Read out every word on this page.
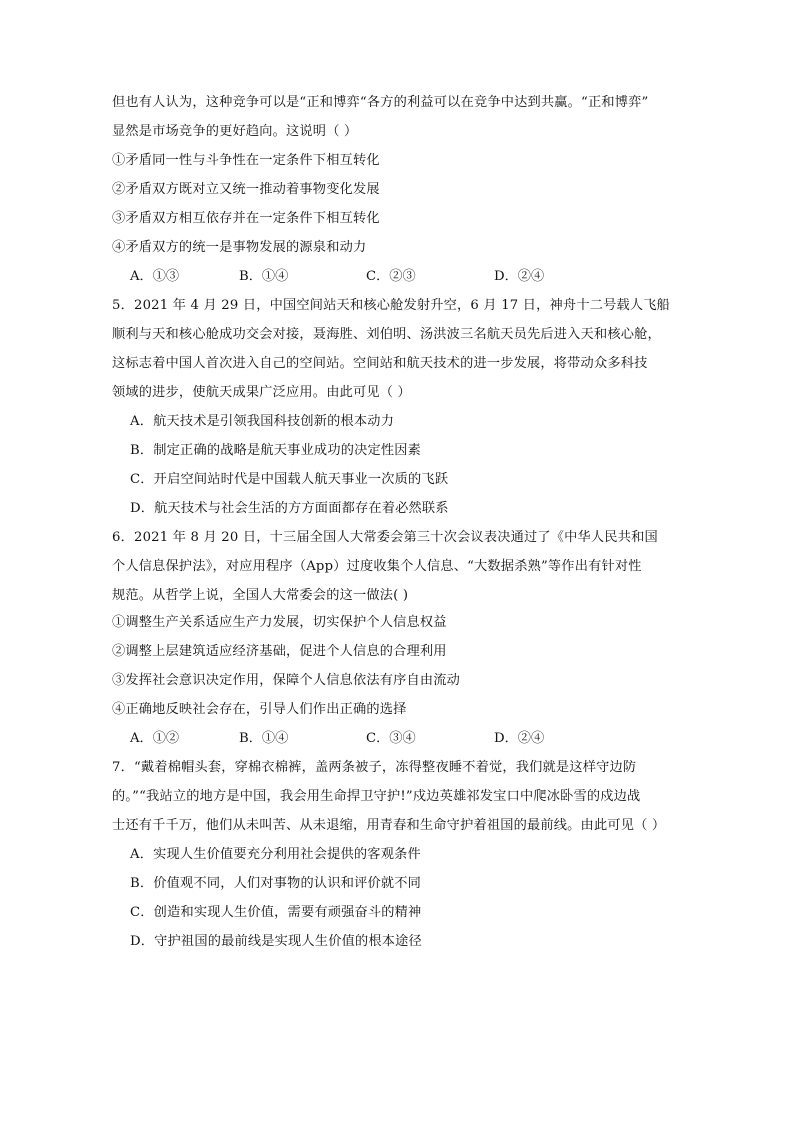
但也有人认为，这种竞争可以是“正和博弈“各方的利益可以在竞争中达到共赢。“正和博弈”
显然是市场竞争的更好趋向。这说明（ ）
①矛盾同一性与斗争性在一定条件下相互转化
②矛盾双方既对立又统一推动着事物变化发展
③矛盾双方相互依存并在一定条件下相互转化
④矛盾双方的统一是事物发展的源泉和动力
A．①③	B．①④	C．②③	D．②④
5．2021 年 4 月 29 日，中国空间站天和核心舱发射升空，6 月 17 日，神舟十二号载人飞船
顺利与天和核心舱成功交会对接，聂海胜、刘伯明、汤洪波三名航天员先后进入天和核心舱，
这标志着中国人首次进入自己的空间站。空间站和航天技术的进一步发展，将带动众多科技
领域的进步，使航天成果广泛应用。由此可见（ ）
A．航天技术是引领我国科技创新的根本动力
B．制定正确的战略是航天事业成功的决定性因素
C．开启空间站时代是中国载人航天事业一次质的飞跃
D．航天技术与社会生活的方方面面都存在着必然联系
6．2021 年 8 月 20 日，十三届全国人大常委会第三十次会议表决通过了《中华人民共和国
个人信息保护法》，对应用程序（App）过度收集个人信息、“大数据杀熟”等作出有针对性
规范。从哲学上说，全国人大常委会的这一做法( )
①调整生产关系适应生产力发展，切实保护个人信息权益
②调整上层建筑适应经济基础，促进个人信息的合理利用
③发挥社会意识决定作用，保障个人信息依法有序自由流动
④正确地反映社会存在，引导人们作出正确的选择
A．①②	B．①④	C．③④	D．②④
7．“戴着棉帽头套，穿棉衣棉裤，盖两条被子，冻得整夜睡不着觉，我们就是这样守边防
的。”“我站立的地方是中国，我会用生命捍卫守护!”戍边英雄祁发宝口中爬冰卧雪的戍边战
士还有千千万，他们从未叫苦、从未退缩，用青春和生命守护着祖国的最前线。由此可见（ ）
A．实现人生价值要充分利用社会提供的客观条件
B．价值观不同，人们对事物的认识和评价就不同
C．创造和实现人生价值，需要有顽强奋斗的精神
D．守护祖国的最前线是实现人生价值的根本途径
